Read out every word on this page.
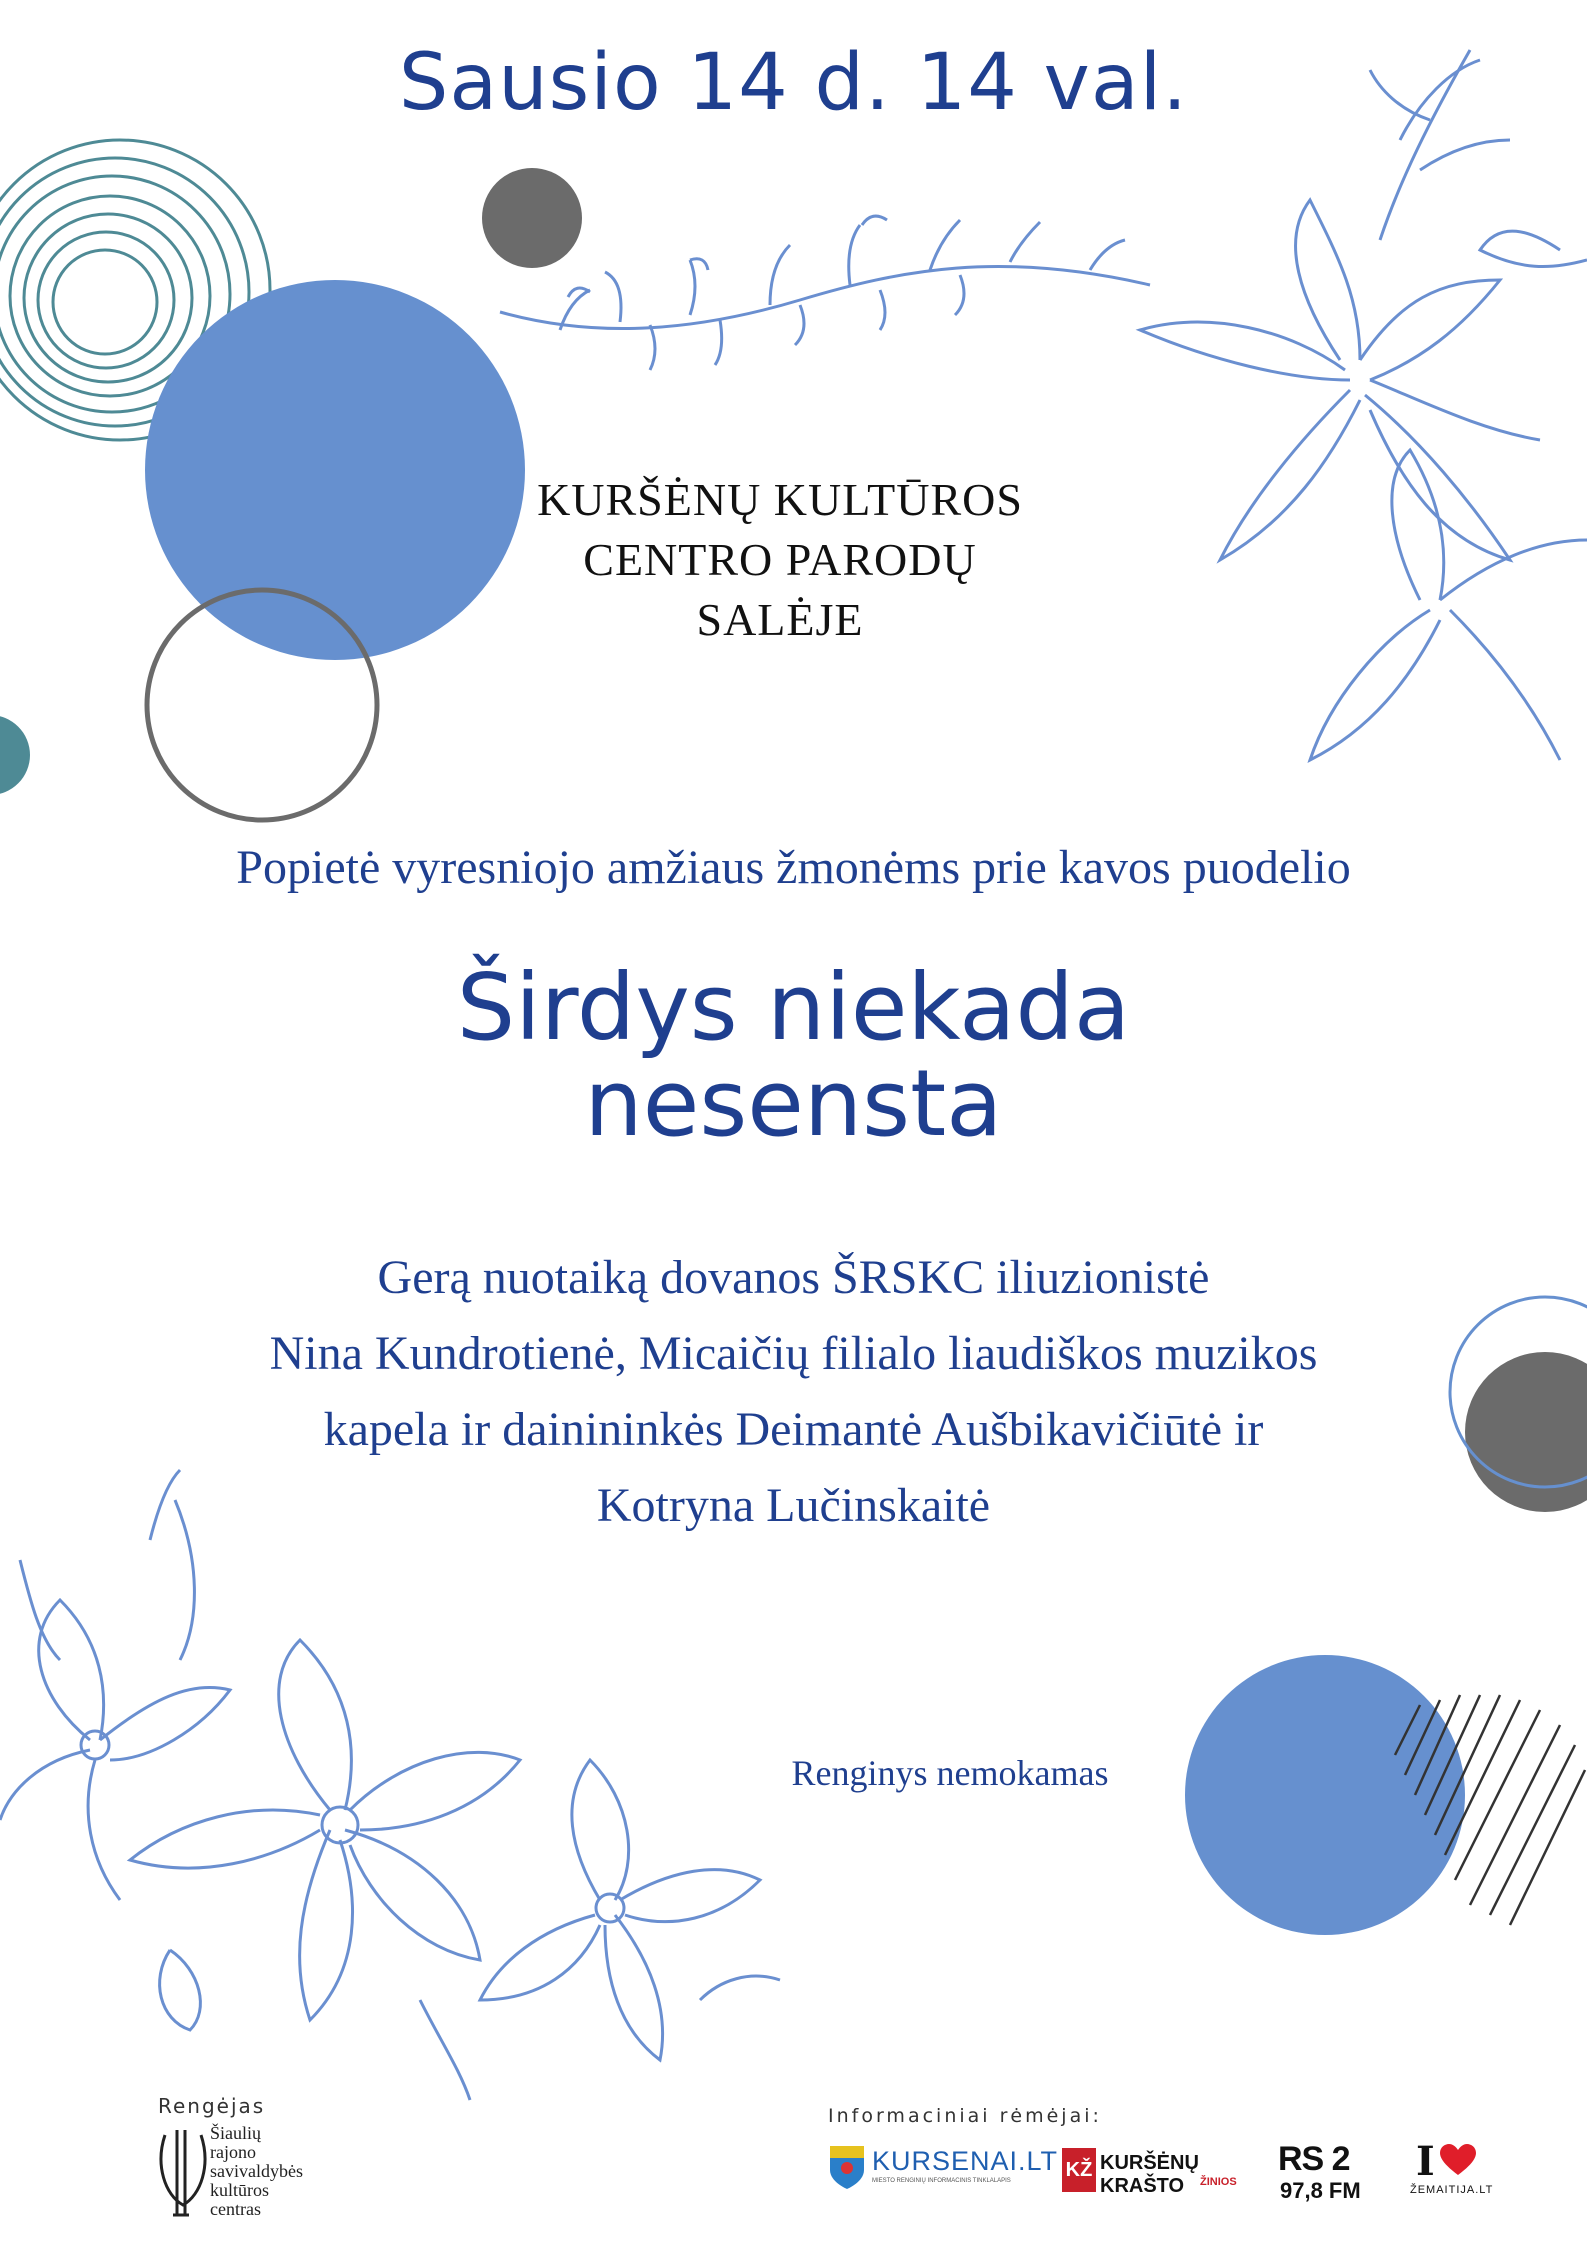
Sausio 14 d. 14 val.
KURŠĖNŲ KULTŪROS
CENTRO PARODŲ
SALĖJE
Popietė vyresniojo amžiaus žmonėms prie kavos puodelio
Širdys niekada
nesensta
Gerą nuotaiką dovanos ŠRSKC iliuzionistė
Nina Kundrotienė, Micaičių filialo liaudiškos muzikos
kapela ir dainininkės Deimantė Aušbikavičiūtė ir
Kotryna Lučinskaitė
Renginys nemokamas
Rengėjas
Šiaulių
rajono
savivaldybės
kultūros
centras
Informaciniai rėmėjai:
KURSENAI.LT
MIESTO RENGINIŲ INFORMACINIS TINKLALAPIS	KŽ KURŠĖNŲ KRAŠTO	ŽINIOS
RS 2
97,8 FM
I
ŽEMAITIJA.LT
